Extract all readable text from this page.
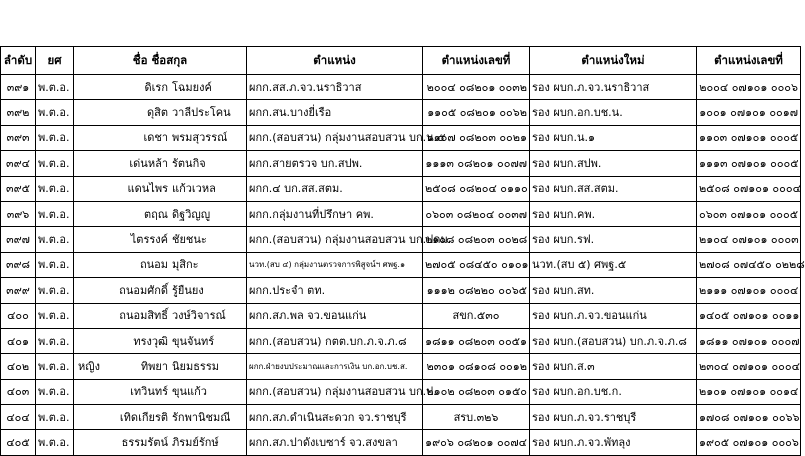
ลำดับ	ยศ	ชื่อ ชื่อสกุล	ตำแหน่ง	ตำแหน่งเลขที่	ตำแหน่งใหม่	ตำแหน่งเลขที่
๓๙๑	พ.ต.อ.	ดิเรก โฉมยงค์	ผกก.สส.ภ.จว.นราธิวาส	๒๐๐๔ ๐๘๒๐๑ ๐๐๓๒	รอง ผบก.ภ.จว.นราธิวาส	๒๐๐๔ ๐๗๑๐๑ ๐๐๐๖
๓๙๒	พ.ต.อ.	ดุสิต วาลีประโคน	ผกก.สน.บางยี่เรือ	๑๑๐๕ ๐๘๒๐๑ ๐๐๖๒	รอง ผบก.อก.บช.น.	๑๐๐๑ ๐๗๑๐๑ ๐๐๑๗
๓๙๓	พ.ต.อ.	เดชา พรมสุวรรณ์	ผกก.(สอบสวน) กลุ่มงานสอบสวน บก.น.๕	๑๑๐๗ ๐๘๒๐๓ ๐๐๒๑	รอง ผบก.น.๑	๑๑๐๓ ๐๗๑๐๑ ๐๐๐๕
๓๙๔	พ.ต.อ.	เด่นหล้า รัตนกิจ	ผกก.สายตรวจ บก.สปพ.	๑๑๑๓ ๐๘๒๐๑ ๐๐๗๗	รอง ผบก.สปพ.	๑๑๑๓ ๐๗๑๐๑ ๐๐๐๕
๓๙๕	พ.ต.อ.	แดนไพร แก้วเวหล	ผกก.๔ บก.สส.สตม.	๒๕๐๘ ๐๘๒๐๔ ๐๑๑๐	รอง ผบก.สส.สตม.	๒๕๐๘ ๐๗๑๐๑ ๐๐๐๔
๓๙๖	พ.ต.อ.	ตฤณ ดิฐวิญญู	ผกก.กลุ่มงานที่ปรึกษา คพ.	๐๖๐๓ ๐๘๒๐๔ ๐๐๓๗	รอง ผบก.คพ.	๐๖๐๓ ๐๗๑๐๑ ๐๐๐๕
๓๙๗	พ.ต.อ.	ไตรรงค์ ชัยชนะ	ผกก.(สอบสวน) กลุ่มงานสอบสวน บก.ปคม.	๒๑๐๘ ๐๘๒๐๓ ๐๐๒๘	รอง ผบก.รฟ.	๒๑๐๔ ๐๗๑๐๑ ๐๐๐๓
๓๙๘	พ.ต.อ.	ถนอม มุสิกะ	นวท.(สบ ๔) กลุ่มงานตรวจการพิสูจน์ฯ ศพฐ.๑	๒๗๐๕ ๐๘๔๕๐ ๐๑๐๑	นวท.(สบ ๕) ศพฐ.๕	๒๗๐๘ ๐๗๔๕๐ ๐๒๒๘
๓๙๙	พ.ต.อ.	ถนอมศักดิ์ รู้ยืนยง	ผกก.ประจำ ตท.	๑๑๑๒ ๐๘๒๒๐ ๐๐๖๕	รอง ผบก.สท.	๒๑๑๑ ๐๗๑๐๑ ๐๐๐๔
๔๐๐	พ.ต.อ.	ถนอมสิทธิ์ วงษ์วิจารณ์	ผกก.สภ.พล จว.ขอนแก่น	สขก.๕๓๐	รอง ผบก.ภ.จว.ขอนแก่น	๑๔๐๕ ๐๗๑๐๑ ๐๐๑๑
๔๐๑	พ.ต.อ.	ทรงวุฒิ ขุนจันทร์	ผกก.(สอบสวน) กตต.บก.ภ.จ.ภ.๘	๑๘๑๑ ๐๘๒๐๓ ๐๐๕๑	รอง ผบก.(สอบสวน) บก.ภ.จ.ภ.๘	๑๘๑๑ ๐๗๑๐๑ ๐๐๐๗
๔๐๒	พ.ต.อ.	หญิง ทิพยา นิยมธรรม	ผกก.ฝ่ายงบประมาณและการเงิน บก.อก.บช.ส.	๒๓๐๑ ๐๘๑๐๘ ๐๐๑๒	รอง ผบก.ส.๓	๒๓๐๔ ๐๗๑๐๑ ๐๐๐๔
๔๐๓	พ.ต.อ.	เทวินทร์ ขุนแก้ว	ผกก.(สอบสวน) กลุ่มงานสอบสวน บก.ป.	๒๑๐๒ ๐๘๒๐๓ ๐๑๕๐	รอง ผบก.อก.บช.ก.	๒๑๐๑ ๐๗๑๐๑ ๐๐๑๔
๔๐๔	พ.ต.อ.	เทิดเกียรติ รักพานิชมณี	ผกก.สภ.ดำเนินสะดวก จว.ราชบุรี	สรบ.๓๒๖	รอง ผบก.ภ.จว.ราชบุรี	๑๗๐๘ ๐๗๑๐๑ ๐๐๖๖
๔๐๕	พ.ต.อ.	ธรรมรัตน์ ภิรมย์รักษ์	ผกก.สภ.ปาดังเบซาร์ จว.สงขลา	๑๙๐๖ ๐๘๒๐๑ ๐๐๗๔	รอง ผบก.ภ.จว.พัทลุง	๑๙๐๕ ๐๗๑๐๑ ๐๐๐๖
